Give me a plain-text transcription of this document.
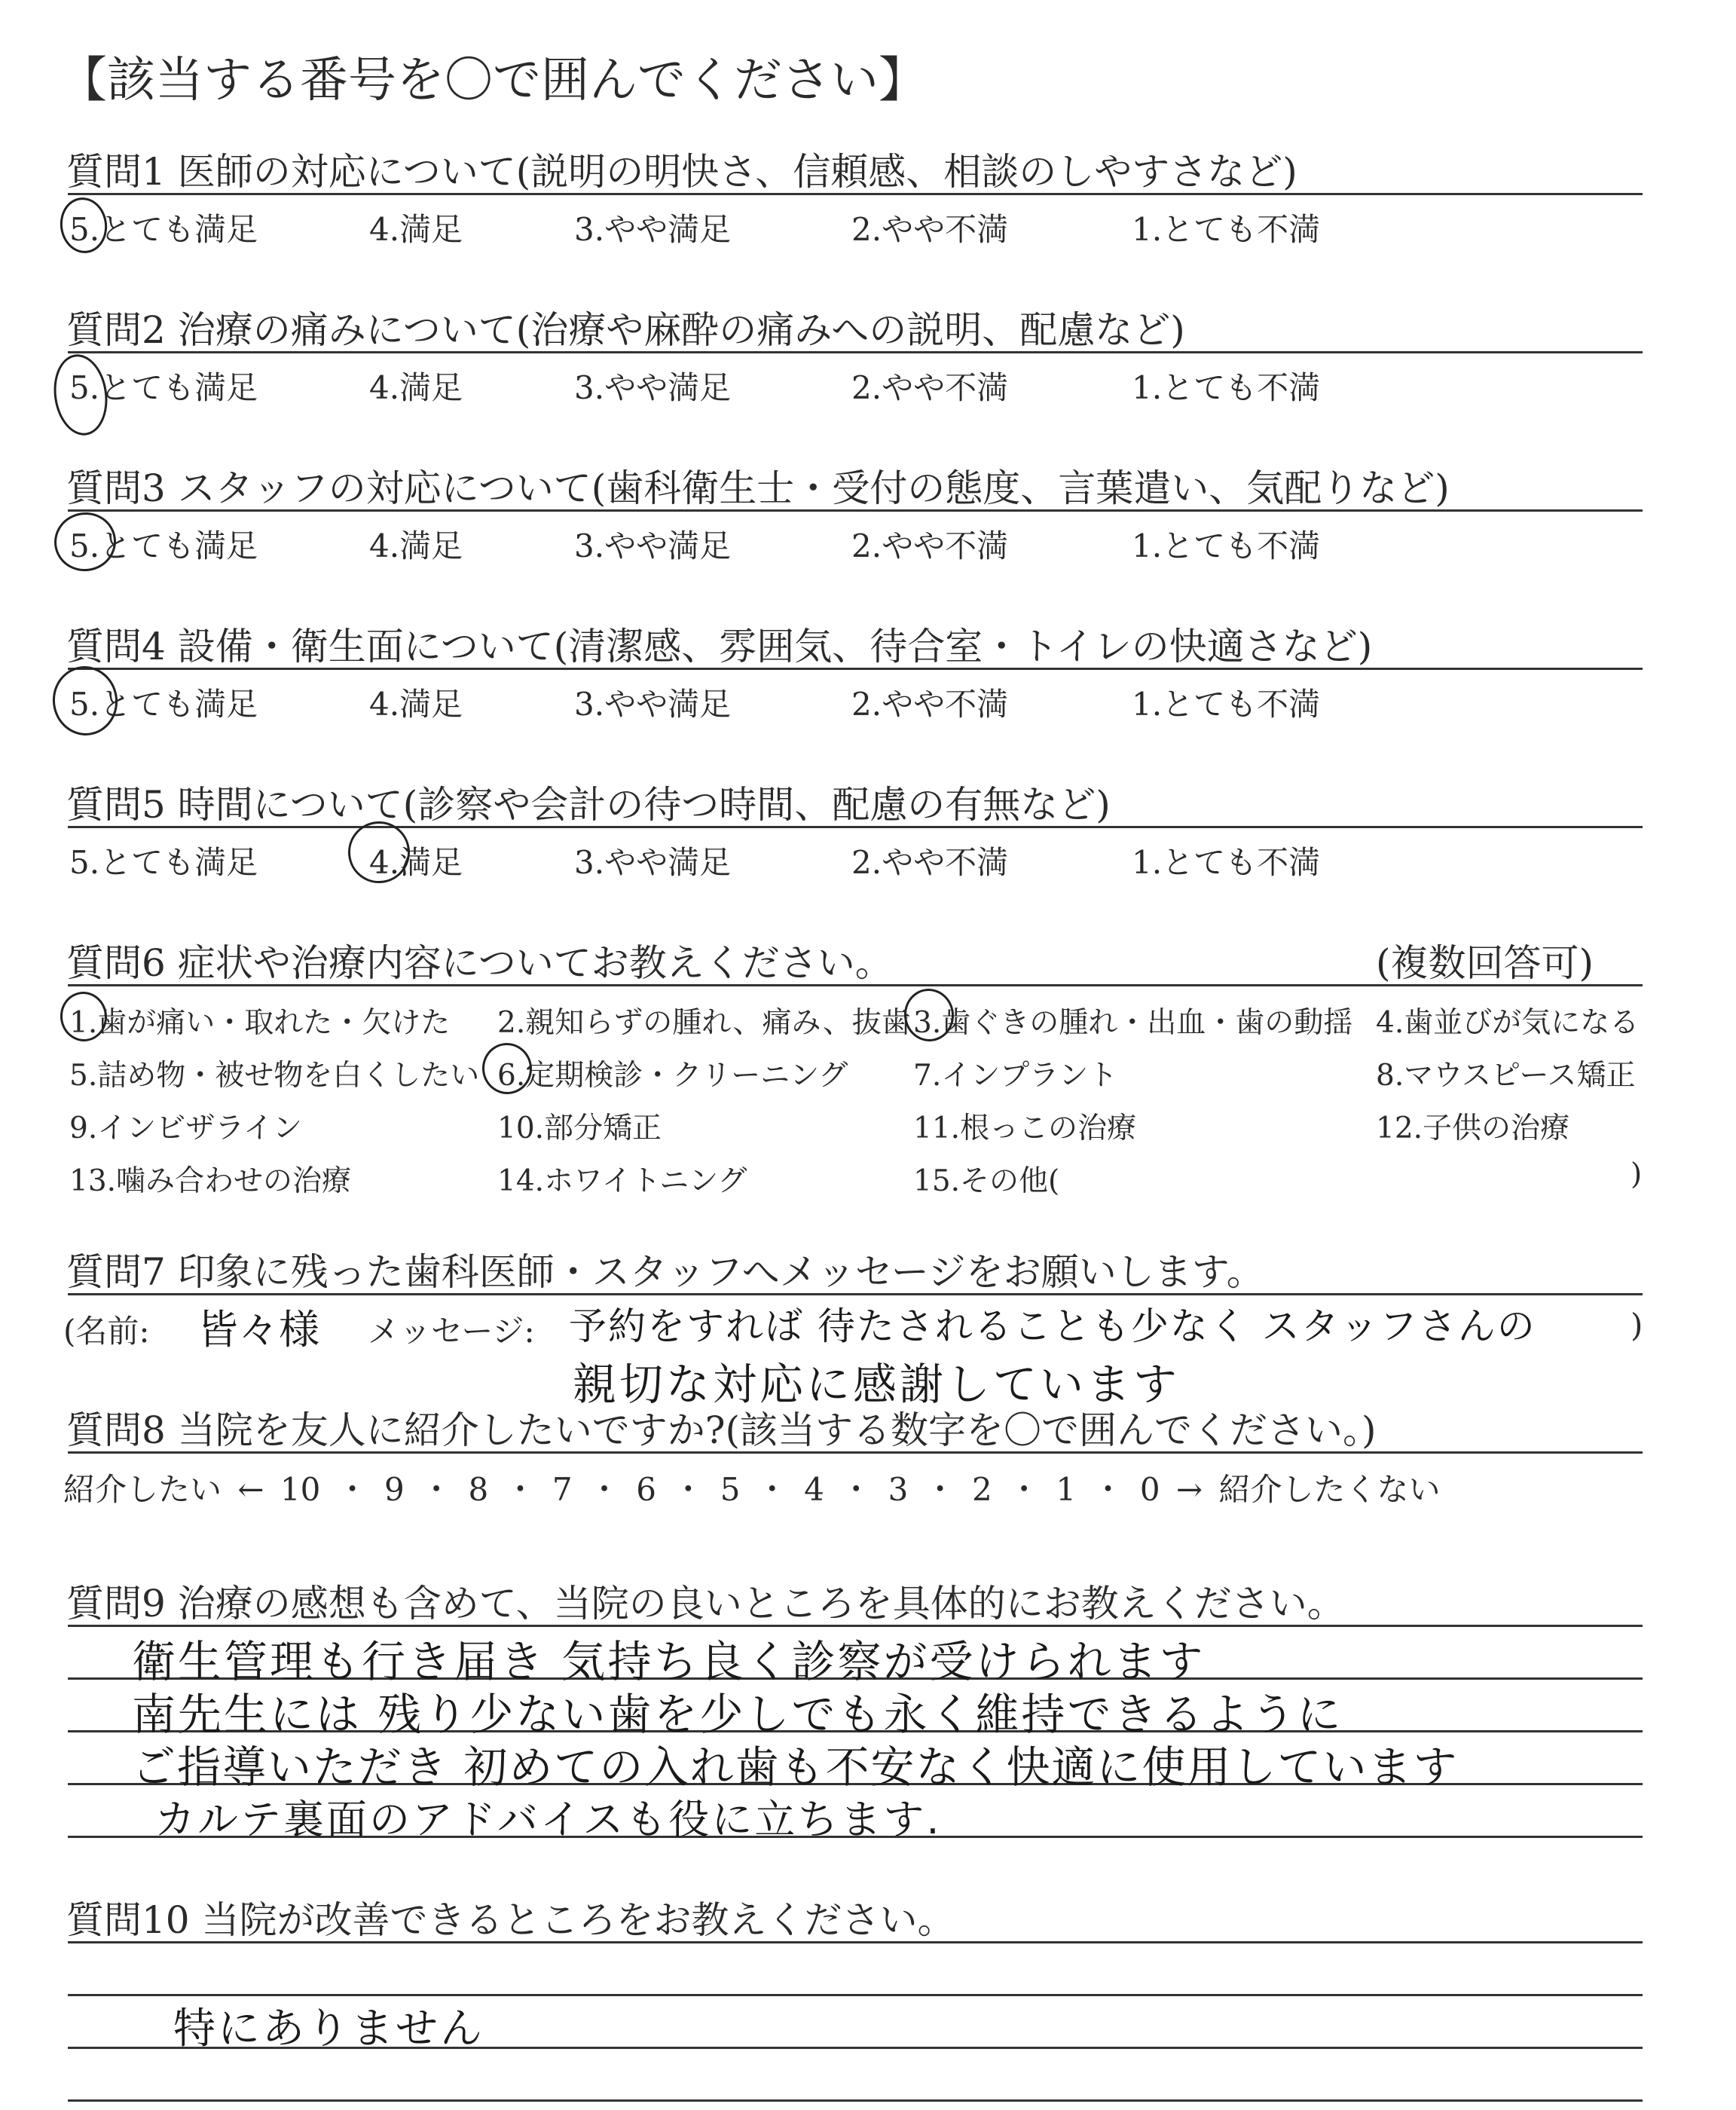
【該当する番号を〇で囲んでください】
質問1 医師の対応について(説明の明快さ、信頼感、相談のしやすさなど)
5.とても満足	4.満足	3.やや満足	2.やや不満	1.とても不満
質問2 治療の痛みについて(治療や麻酔の痛みへの説明、配慮など)
5.とても満足	4.満足	3.やや満足	2.やや不満	1.とても不満
質問3 スタッフの対応について(歯科衛生士・受付の態度、言葉遣い、気配りなど)
5.とても満足	4.満足	3.やや満足	2.やや不満	1.とても不満
質問4 設備・衛生面について(清潔感、雰囲気、待合室・トイレの快適さなど)
5.とても満足	4.満足	3.やや満足	2.やや不満	1.とても不満
質問5 時間について(診察や会計の待つ時間、配慮の有無など)
5.とても満足	4.満足	3.やや満足	2.やや不満	1.とても不満
質問6 症状や治療内容についてお教えください。	(複数回答可)
1.歯が痛い・取れた・欠けた 2.親知らずの腫れ、痛み、抜歯 3.歯ぐきの腫れ・出血・歯の動揺 4.歯並びが気になる
5.詰め物・被せ物を白くしたい 6.定期検診・クリーニング 7.インプラント	8.マウスピース矯正
9.インビザライン	10.部分矯正	11.根っこの治療	12.子供の治療
13.噛み合わせの治療	14.ホワイトニング	15.その他(	)
質問7 印象に残った歯科医師・スタッフへメッセージをお願いします。
(名前: 皆々様 メッセージ: 予約をすれば 待たされることも少なく スタッフさんの	)
親切な対応に感謝しています
質問8 当院を友人に紹介したいですか?(該当する数字を〇で囲んでください。)
紹介したい ← 10 ・ 9 ・ 8 ・ 7 ・ 6 ・ 5 ・ 4 ・ 3 ・ 2 ・ 1 ・ 0 → 紹介したくない
質問9 治療の感想も含めて、当院の良いところを具体的にお教えください。
衛生管理も行き届き 気持ち良く診察が受けられます
南先生には 残り少ない歯を少しでも永く維持できるように
ご指導いただき 初めての入れ歯も不安なく快適に使用しています
カルテ裏面のアドバイスも役に立ちます.
質問10 当院が改善できるところをお教えください。
特にありません
